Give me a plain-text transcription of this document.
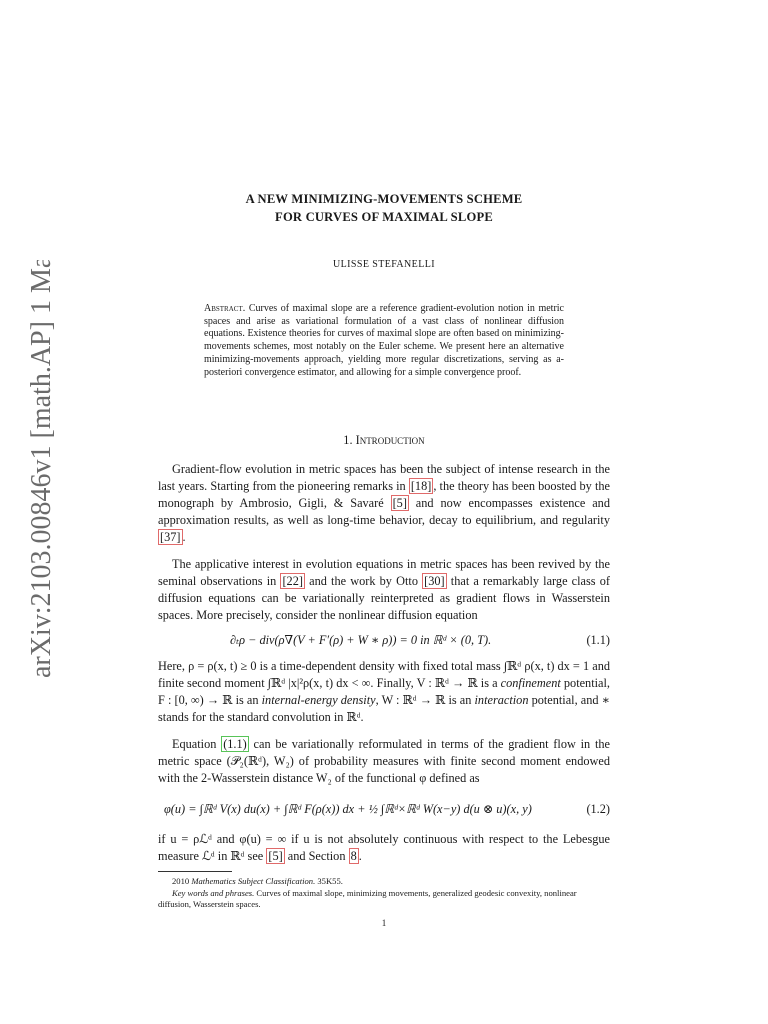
arXiv:2103.00846v1 [math.AP] 1 Mar 2021	A NEW MINIMIZING-MOVEMENTS SCHEME
FOR CURVES OF MAXIMAL SLOPE
ULISSE STEFANELLI
Abstract. Curves of maximal slope are a reference gradient-evolution notion in metric spaces and arise as variational formulation of a vast class of nonlinear diffusion equations. Existence theories for curves of maximal slope are often based on minimizing-movements schemes, most notably on the Euler scheme. We present here an alternative minimizing-movements approach, yielding more regular discretizations, serving as a-posteriori convergence estimator, and allowing for a simple convergence proof.
1. Introduction
Gradient-flow evolution in metric spaces has been the subject of intense research in the last years. Starting from the pioneering remarks in [18] , the theory has been boosted by the monograph by Ambrosio, Gigli, & Savaré [5] and now encompasses existence and approximation results, as well as long-time behavior, decay to equilibrium, and regularity [37] .
The applicative interest in evolution equations in metric spaces has been revived by the seminal observations in [22] and the work by Otto [30] that a remarkably large class of diffusion equations can be variationally reinterpreted as gradient flows in Wasserstein spaces. More precisely, consider the nonlinear diffusion equation
∂ₜρ − div(ρ∇(V + F′(ρ) + W ∗ ρ)) = 0 in ℝᵈ × (0, T).	(1.1)
Here, ρ = ρ(x, t) ≥ 0 is a time-dependent density with fixed total mass ∫ℝᵈ ρ(x, t) dx = 1 and finite second moment ∫ℝᵈ |x|²ρ(x, t) dx < ∞. Finally, V : ℝᵈ → ℝ is a confinement potential, F : [0, ∞) → ℝ is an internal-energy density, W : ℝᵈ → ℝ is an interaction potential, and ∗ stands for the standard convolution in ℝᵈ.
Equation (1.1) can be variationally reformulated in terms of the gradient flow in the metric space (𝒫₂(ℝᵈ), W₂) of probability measures with finite second moment endowed with the 2-Wasserstein distance W₂ of the functional φ defined as
φ(u) = ∫ℝᵈ V(x) du(x) + ∫ℝᵈ F(ρ(x)) dx + ½ ∫ℝᵈ×ℝᵈ W(x−y) d(u ⊗ u)(x, y)	(1.2)
if u = ρℒᵈ and φ(u) = ∞ if u is not absolutely continuous with respect to the Lebesgue measure ℒᵈ in ℝᵈ see [5] and Section 8 .

2010 Mathematics Subject Classification. 35K55.

Key words and phrases. Curves of maximal slope, minimizing movements, generalized geodesic convexity, nonlinear diffusion, Wasserstein spaces.

1
